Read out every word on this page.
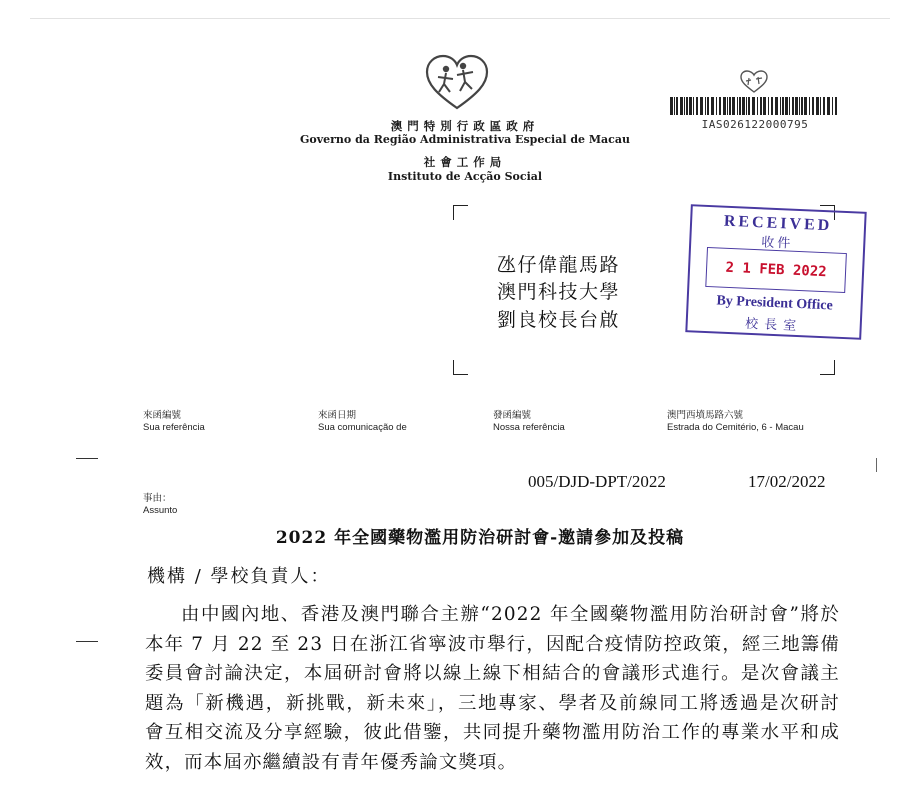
澳門特別行政區政府
Governo da Região Administrativa Especial de Macau
社會工作局
Instituto de Acção Social
IAS026122000795
氹仔偉龍馬路
澳門科技大學
劉良校長台啟
RECEIVED
收件
2 1 FEB 2022
By President Office
校長室
來函編號
Sua referência
來函日期
Sua comunicação de
發函編號
Nossa referência
澳門西墳馬路六號
Estrada do Cemitério, 6 - Macau
005/DJD-DPT/2022	17/02/2022
事由：
Assunto
2022 年全國藥物濫用防治研討會-邀請參加及投稿
機構 / 學校負責人：
由中國內地、香港及澳門聯合主辦“2022 年全國藥物濫用防治研討會”將於本年 7 月 22 至 23 日在浙江省寧波市舉行，因配合疫情防控政策，經三地籌備委員會討論決定，本屆研討會將以線上線下相結合的會議形式進行。是次會議主題為「新機遇，新挑戰，新未來」，三地專家、學者及前線同工將透過是次研討會互相交流及分享經驗，彼此借鑒，共同提升藥物濫用防治工作的專業水平和成效，而本屆亦繼續設有青年優秀論文獎項。
